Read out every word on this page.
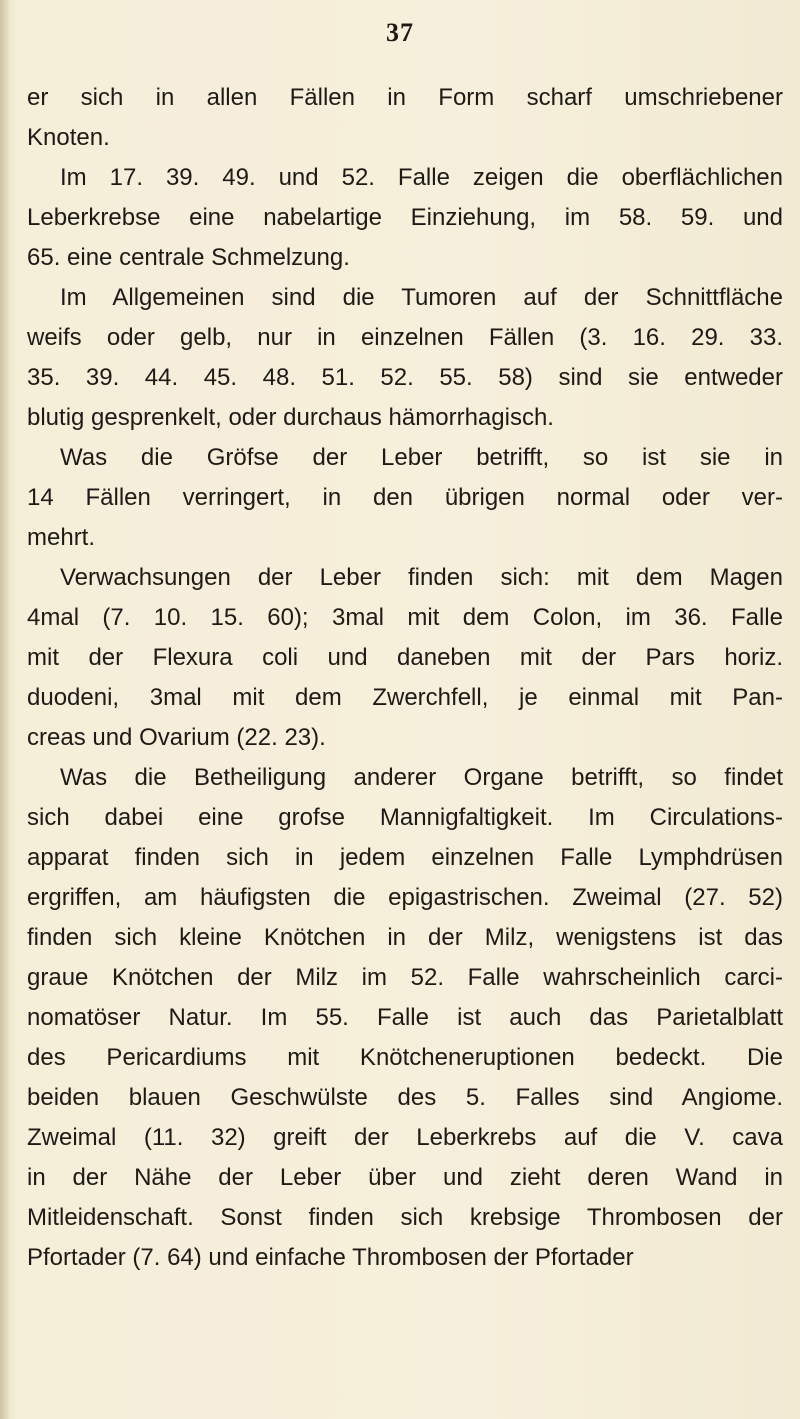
37
er sich in allen Fällen in Form scharf umschriebener
Knoten.
Im 17. 39. 49. und 52. Falle zeigen die oberflächlichen
Leberkrebse eine nabelartige Einziehung, im 58. 59. und
65. eine centrale Schmelzung.
Im Allgemeinen sind die Tumoren auf der Schnittfläche
weifs oder gelb, nur in einzelnen Fällen (3. 16. 29. 33.
35. 39. 44. 45. 48. 51. 52. 55. 58) sind sie entweder
blutig gesprenkelt, oder durchaus hämorrhagisch.
Was die Gröfse der Leber betrifft, so ist sie in
14 Fällen verringert, in den übrigen normal oder ver-
mehrt.
Verwachsungen der Leber finden sich: mit dem Magen
4mal (7. 10. 15. 60); 3mal mit dem Colon, im 36. Falle
mit der Flexura coli und daneben mit der Pars horiz.
duodeni, 3mal mit dem Zwerchfell, je einmal mit Pan-
creas und Ovarium (22. 23).
Was die Betheiligung anderer Organe betrifft, so findet
sich dabei eine grofse Mannigfaltigkeit. Im Circulations-
apparat finden sich in jedem einzelnen Falle Lymphdrüsen
ergriffen, am häufigsten die epigastrischen. Zweimal (27. 52)
finden sich kleine Knötchen in der Milz, wenigstens ist das
graue Knötchen der Milz im 52. Falle wahrscheinlich carci-
nomatöser Natur. Im 55. Falle ist auch das Parietalblatt
des Pericardiums mit Knötcheneruptionen bedeckt. Die
beiden blauen Geschwülste des 5. Falles sind Angiome.
Zweimal (11. 32) greift der Leberkrebs auf die V. cava
in der Nähe der Leber über und zieht deren Wand in
Mitleidenschaft. Sonst finden sich krebsige Thrombosen der
Pfortader (7. 64) und einfache Thrombosen der Pfortader
